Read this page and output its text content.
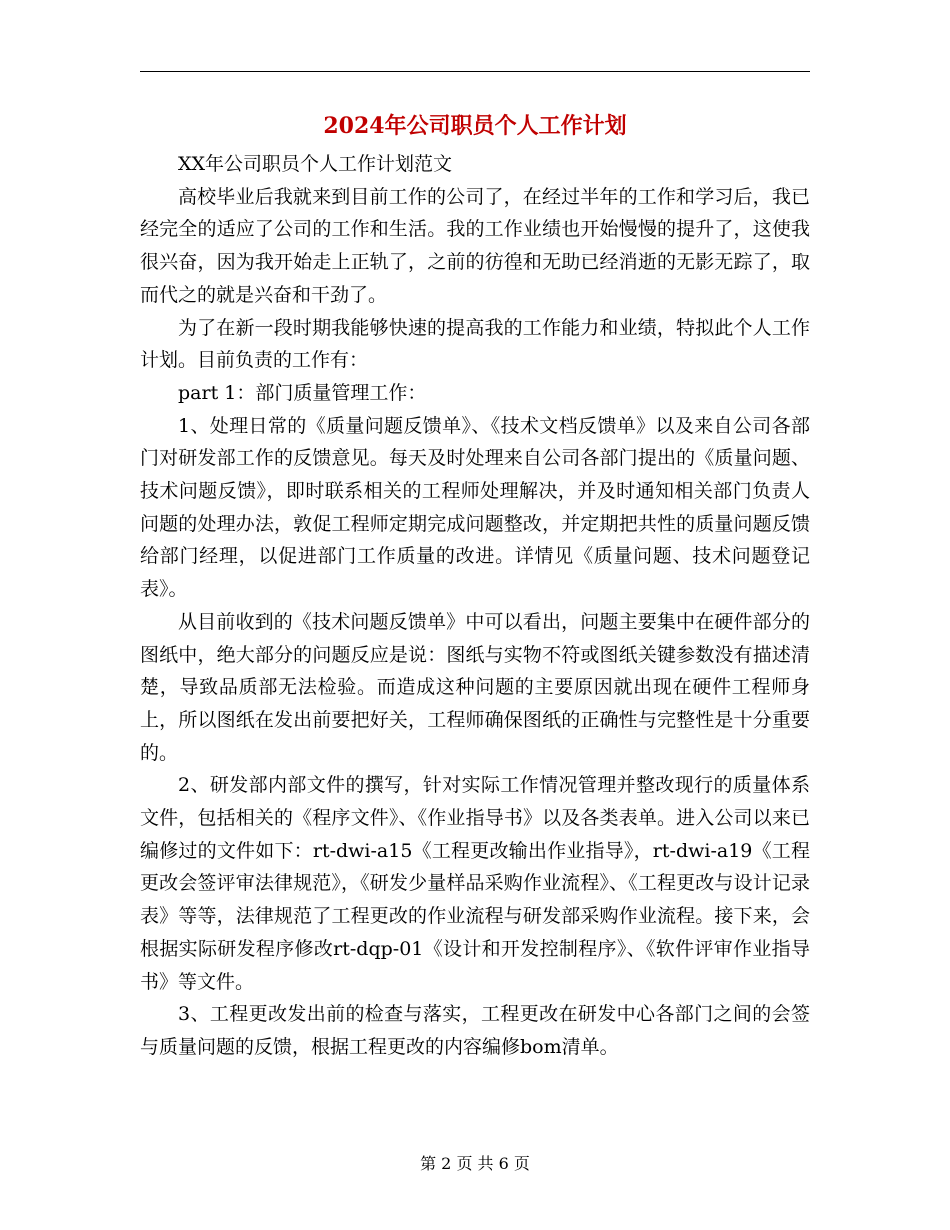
2024年公司职员个人工作计划

XX年公司职员个人工作计划范文

高校毕业后我就来到目前工作的公司了，在经过半年的工作和学习后，我已经完全的适应了公司的工作和生活。我的工作业绩也开始慢慢的提升了，这使我很兴奋，因为我开始走上正轨了，之前的彷徨和无助已经消逝的无影无踪了，取而代之的就是兴奋和干劲了。

为了在新一段时期我能够快速的提高我的工作能力和业绩，特拟此个人工作计划。目前负责的工作有：

part 1：部门质量管理工作：

1、处理日常的《质量问题反馈单》、《技术文档反馈单》以及来自公司各部门对研发部工作的反馈意见。每天及时处理来自公司各部门提出的《质量问题、技术问题反馈》，即时联系相关的工程师处理解决，并及时通知相关部门负责人问题的处理办法，敦促工程师定期完成问题整改，并定期把共性的质量问题反馈给部门经理，以促进部门工作质量的改进。详情见《质量问题、技术问题登记表》。

从目前收到的《技术问题反馈单》中可以看出，问题主要集中在硬件部分的图纸中，绝大部分的问题反应是说：图纸与实物不符或图纸关键参数没有描述清楚，导致品质部无法检验。而造成这种问题的主要原因就出现在硬件工程师身上，所以图纸在发出前要把好关，工程师确保图纸的正确性与完整性是十分重要的。

2、研发部内部文件的撰写，针对实际工作情况管理并整改现行的质量体系文件，包括相关的《程序文件》、《作业指导书》以及各类表单。进入公司以来已编修过的文件如下：rt-dwi-a15《工程更改输出作业指导》，rt-dwi-a19《工程更改会签评审法律规范》，《研发少量样品采购作业流程》、《工程更改与设计记录表》等等，法律规范了工程更改的作业流程与研发部采购作业流程。接下来，会根据实际研发程序修改rt-dqp-01《设计和开发控制程序》、《软件评审作业指导书》等文件。

3、工程更改发出前的检查与落实，工程更改在研发中心各部门之间的会签与质量问题的反馈，根据工程更改的内容编修bom清单。

第 2 页 共 6 页
